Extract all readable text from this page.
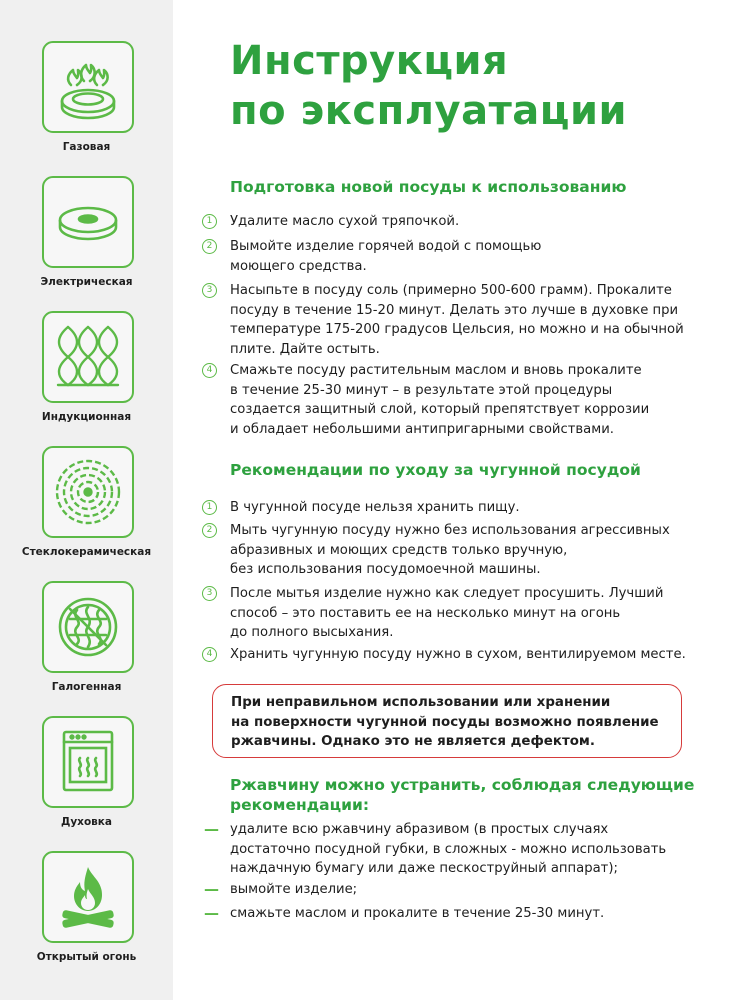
Газовая
Электрическая
Индукционная
Стеклокерамическая
Галогенная
Духовка
Открытый огонь
Инструкция
по эксплуатации
Подготовка новой посуды к использованию
1	Удалите масло сухой тряпочкой.
2	Вымойте изделие горячей водой с помощью
моющего средства.
3	Насыпьте в посуду соль (примерно 500-600 грамм). Прокалите
посуду в течение 15-20 минут. Делать это лучше в духовке при
температуре 175-200 градусов Цельсия, но можно и на обычной
плите. Дайте остыть.
4	Смажьте посуду растительным маслом и вновь прокалите
в течение 25-30 минут – в результате этой процедуры
создается защитный слой, который препятствует коррозии
и обладает небольшими антипригарными свойствами.
Рекомендации по уходу за чугунной посудой
1	В чугунной посуде нельзя хранить пищу.
2	Мыть чугунную посуду нужно без использования агрессивных
абразивных и моющих средств только вручную,
без использования посудомоечной машины.
3	После мытья изделие нужно как следует просушить. Лучший
способ – это поставить ее на несколько минут на огонь
до полного высыхания.
4	Хранить чугунную посуду нужно в сухом, вентилируемом месте.
При неправильном использовании или хранении
на поверхности чугунной посуды возможно появление
ржавчины. Однако это не является дефектом.
Ржавчину можно устранить, соблюдая следующие
рекомендации:
— удалите всю ржавчину абразивом (в простых случаях
достаточно посудной губки, в сложных - можно использовать
наждачную бумагу или даже пескоструйный аппарат);
— вымойте изделие;
— смажьте маслом и прокалите в течение 25-30 минут.
